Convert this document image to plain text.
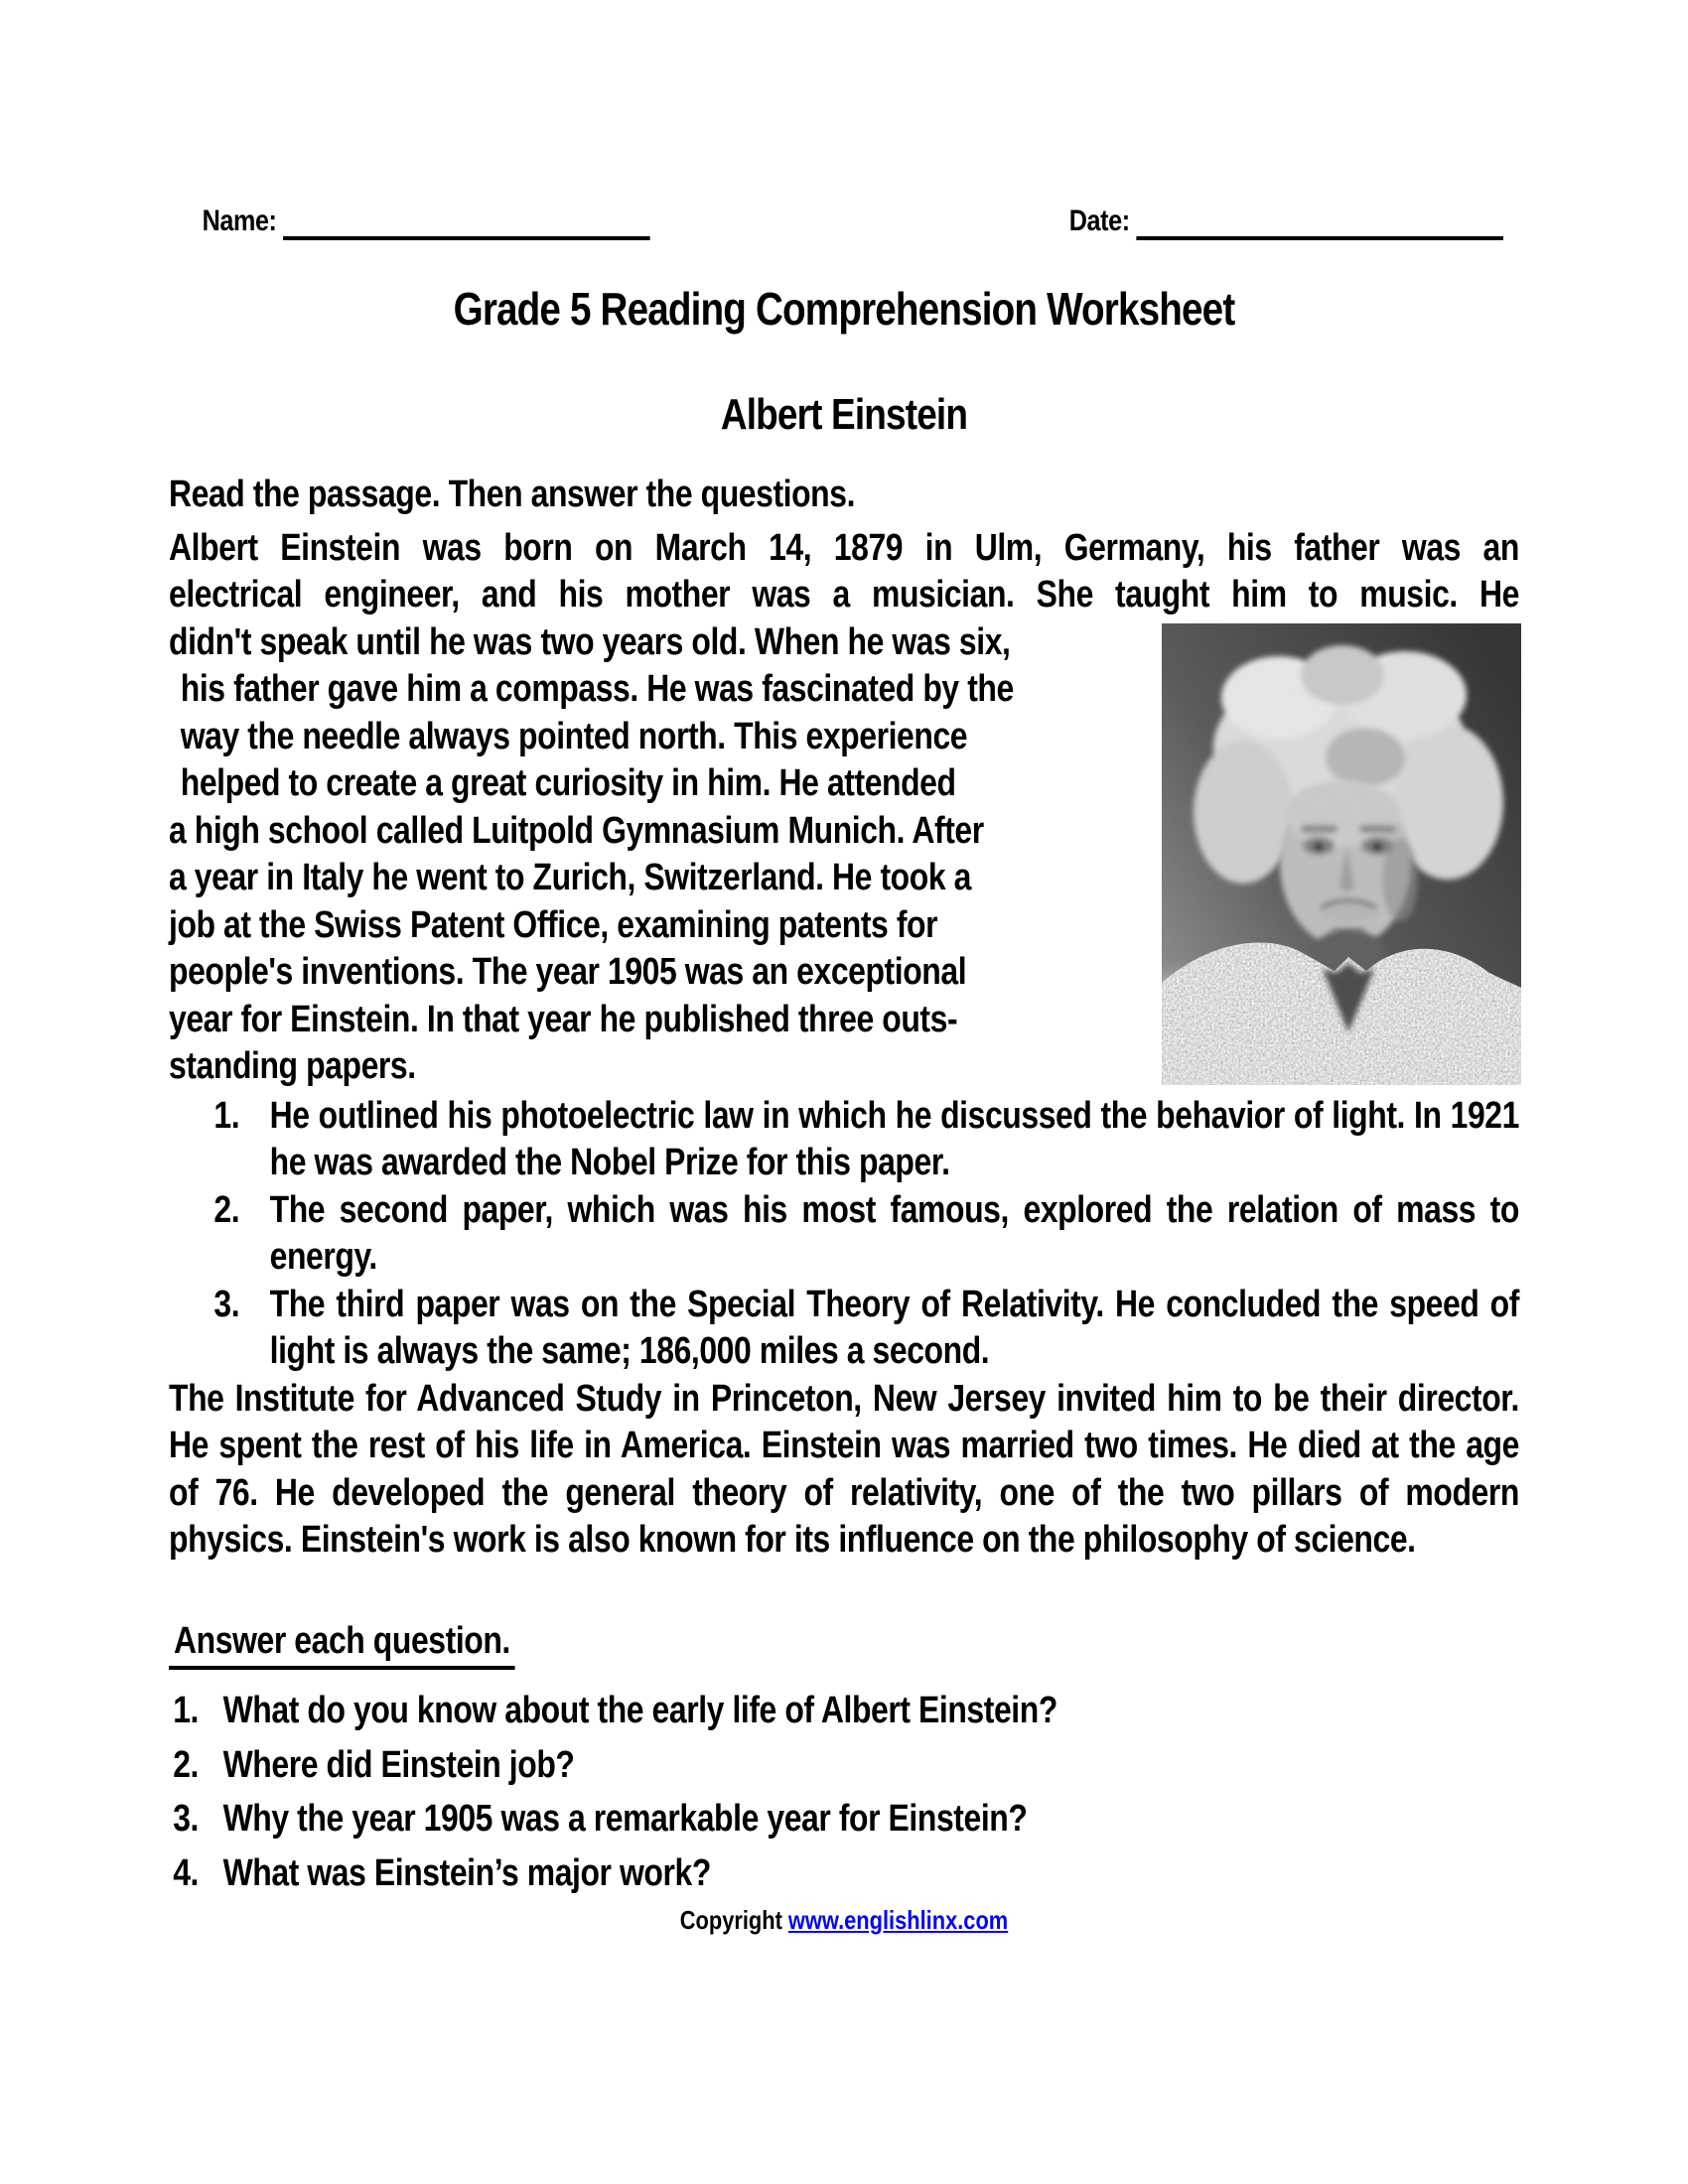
Name:	Date:
Grade 5 Reading Comprehension Worksheet
Albert Einstein

Read the passage. Then answer the questions.

Albert Einstein was born on March 14, 1879 in Ulm, Germany, his father was an
electrical engineer, and his mother was a musician. She taught him to music. He
didn't speak until he was two years old. When he was six,
his father gave him a compass. He was fascinated by the
way the needle always pointed north. This experience
helped to create a great curiosity in him. He attended
a high school called Luitpold Gymnasium Munich. After
a year in Italy he went to Zurich, Switzerland. He took a
job at the Swiss Patent Office, examining patents for
people's inventions. The year 1905 was an exceptional
year for Einstein. In that year he published three outs-
standing papers.
1. He outlined his photoelectric law in which he discussed the behavior of light. In 1921 he was awarded the Nobel Prize for this paper.
2. The second paper, which was his most famous, explored the relation of mass to energy.
3. The third paper was on the Special Theory of Relativity. He concluded the speed of light is always the same; 186,000 miles a second.

The Institute for Advanced Study in Princeton, New Jersey invited him to be their director. He spent the rest of his life in America. Einstein was married two times. He died at the age of 76. He developed the general theory of relativity, one of the two pillars of modern physics. Einstein's work is also known for its influence on the philosophy of science.

Answer each question.
1. What do you know about the early life of Albert Einstein?
2. Where did Einstein job?
3. Why the year 1905 was a remarkable year for Einstein?
4. What was Einstein’s major work?
Copyright www.englishlinx.com
